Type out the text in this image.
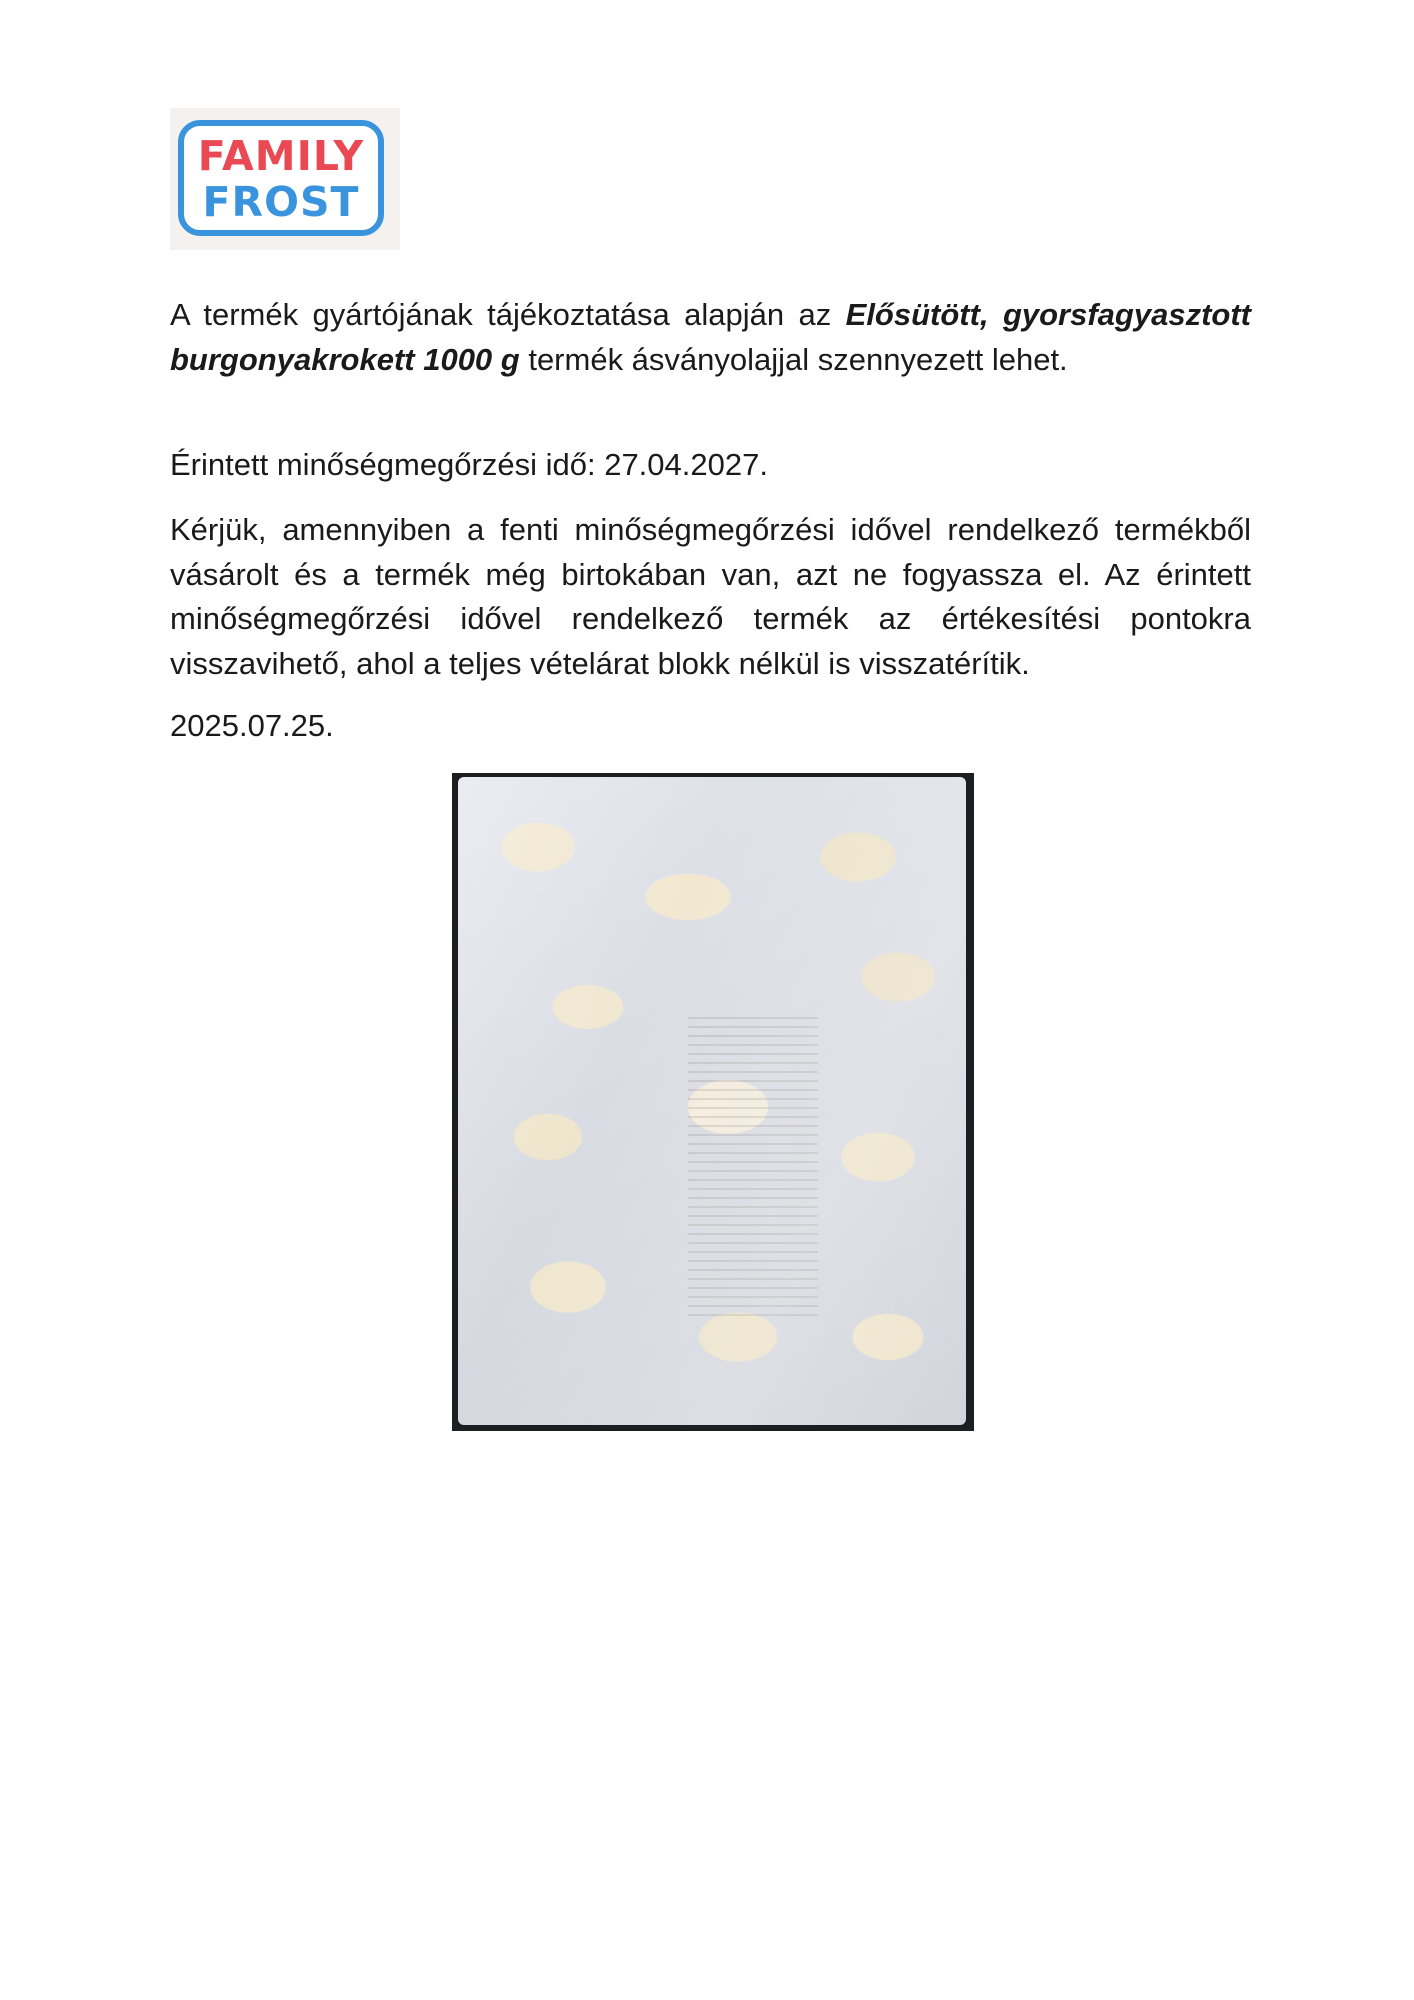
FAMILY
FROST

A termék gyártójának tájékoztatása alapján az Elősütött, gyorsfagyasztott burgonyakrokett 1000 g termék ásványolajjal szennyezett lehet.

Érintett minőségmegőrzési idő: 27.04.2027.

Kérjük, amennyiben a fenti minőségmegőrzési idővel rendelkező termékből vásárolt és a termék még birtokában van, azt ne fogyassza el. Az érintett minőségmegőrzési idővel rendelkező termék az értékesítési pontokra visszavihető, ahol a teljes vételárat blokk nélkül is visszatérítik.

2025.07.25.
